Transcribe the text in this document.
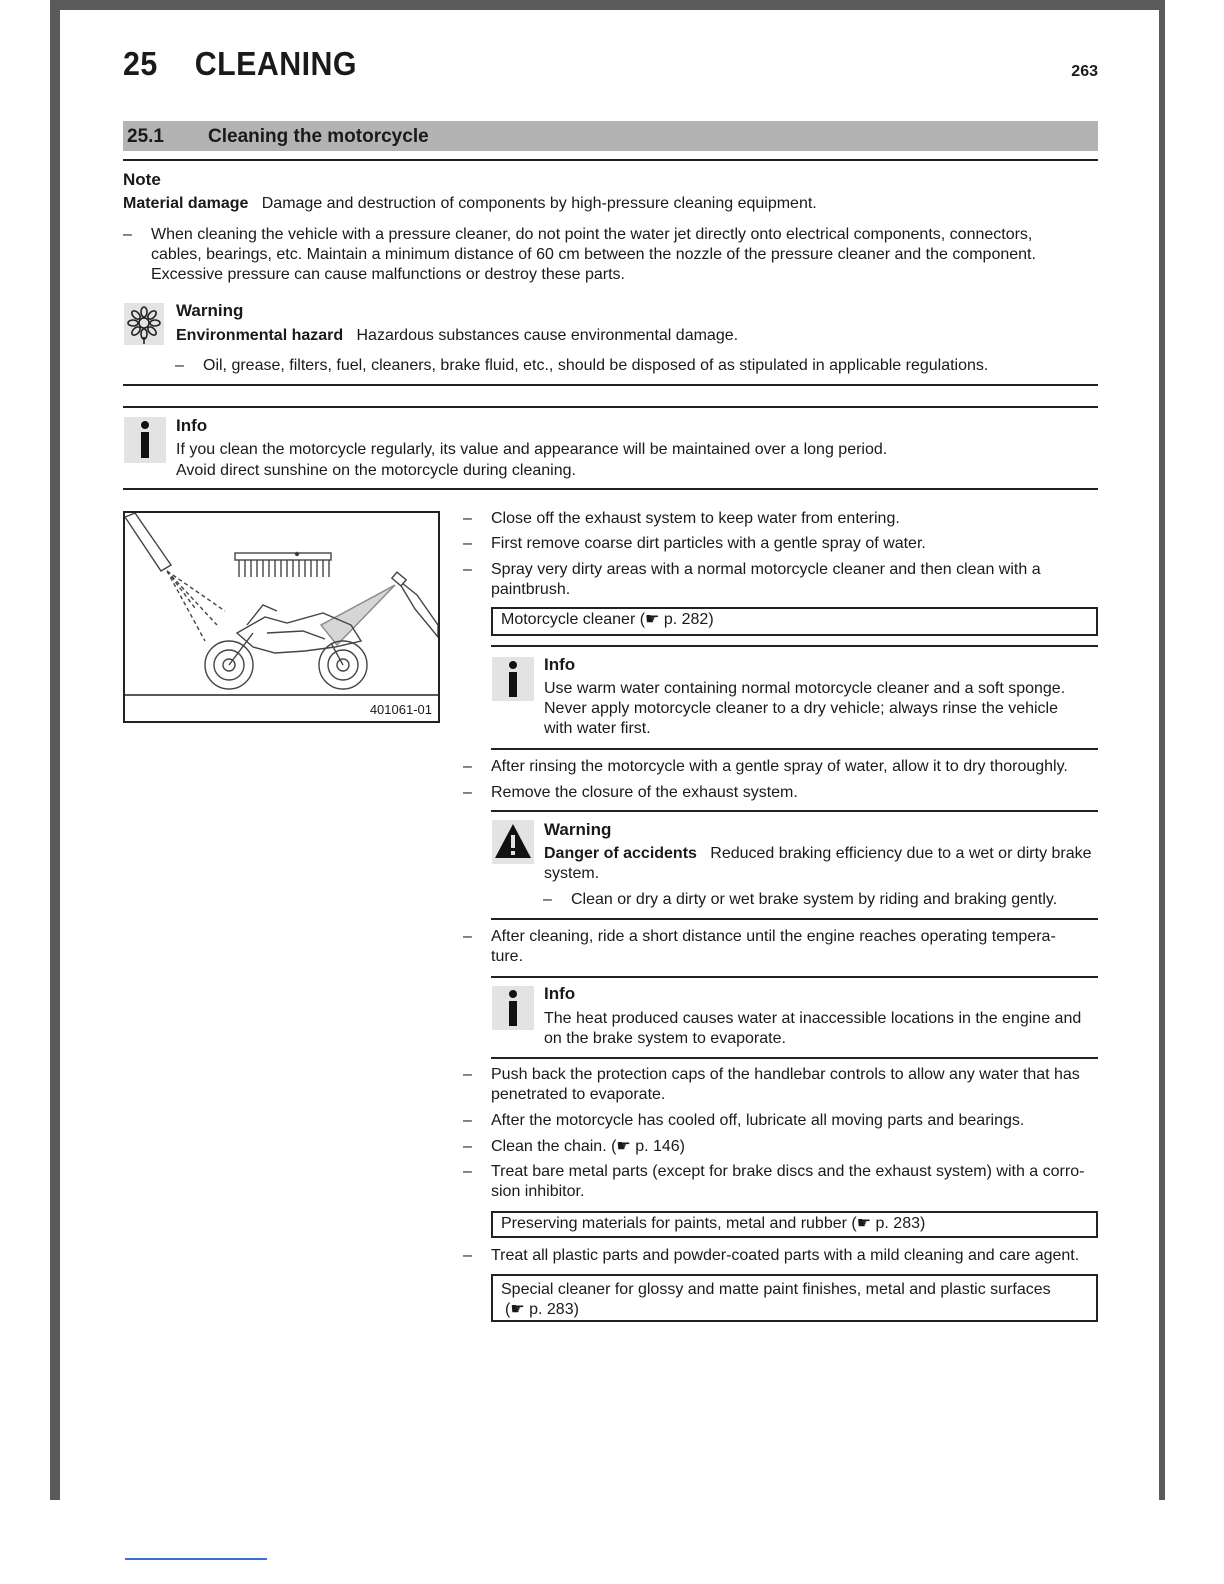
25 CLEANING	263
25.1 Cleaning the motorcycle
Note
Material damage Damage and destruction of components by high-pressure cleaning equipment.
– When cleaning the vehicle with a pressure cleaner, do not point the water jet directly onto electrical components, connectors,
cables, bearings, etc. Maintain a minimum distance of 60 cm between the nozzle of the pressure cleaner and the component.
Excessive pressure can cause malfunctions or destroy these parts.
Warning
Environmental hazard Hazardous substances cause environmental damage.
– Oil, grease, filters, fuel, cleaners, brake fluid, etc., should be disposed of as stipulated in applicable regulations.
Info
If you clean the motorcycle regularly, its value and appearance will be maintained over a long period.
Avoid direct sunshine on the motorcycle during cleaning.
401061-01
– Close off the exhaust system to keep water from entering.
– First remove coarse dirt particles with a gentle spray of water.
– Spray very dirty areas with a normal motorcycle cleaner and then clean with a
paintbrush.
Motorcycle cleaner (☛ p. 282)
Info
Use warm water containing normal motorcycle cleaner and a soft sponge.
Never apply motorcycle cleaner to a dry vehicle; always rinse the vehicle
with water first.
– After rinsing the motorcycle with a gentle spray of water, allow it to dry thoroughly.
– Remove the closure of the exhaust system.
Warning
Danger of accidents Reduced braking efficiency due to a wet or dirty brake
system.
– Clean or dry a dirty or wet brake system by riding and braking gently.
– After cleaning, ride a short distance until the engine reaches operating tempera-
ture.
Info
The heat produced causes water at inaccessible locations in the engine and
on the brake system to evaporate.
– Push back the protection caps of the handlebar controls to allow any water that has
penetrated to evaporate.
– After the motorcycle has cooled off, lubricate all moving parts and bearings.
– Clean the chain. (☛ p. 146)
– Treat bare metal parts (except for brake discs and the exhaust system) with a corro-
sion inhibitor.
Preserving materials for paints, metal and rubber (☛ p. 283)
– Treat all plastic parts and powder-coated parts with a mild cleaning and care agent.
Special cleaner for glossy and matte paint finishes, metal and plastic surfaces
(☛ p. 283)
